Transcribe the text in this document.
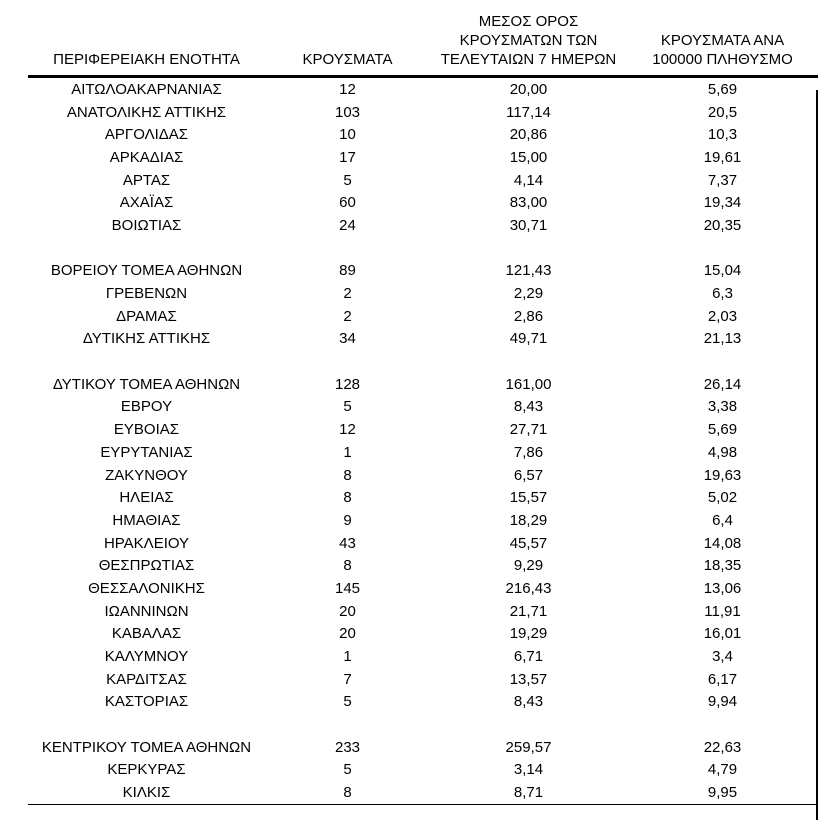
ΠΕΡΙΦΕΡΕΙΑΚΗ ΕΝΟΤΗΤΑ	ΚΡΟΥΣΜΑΤΑ	ΜΕΣΟΣ ΟΡΟΣ
ΚΡΟΥΣΜΑΤΩΝ ΤΩΝ
ΤΕΛΕΥΤΑΙΩΝ 7 ΗΜΕΡΩΝ	ΚΡΟΥΣΜΑΤΑ ΑΝΑ
100000 ΠΛΗΘΥΣΜΟ
ΑΙΤΩΛΟΑΚΑΡΝΑΝΙΑΣ	12	20,00	5,69
ΑΝΑΤΟΛΙΚΗΣ ΑΤΤΙΚΗΣ	103	117,14	20,5
ΑΡΓΟΛΙΔΑΣ	10	20,86	10,3
ΑΡΚΑΔΙΑΣ	17	15,00	19,61
ΑΡΤΑΣ	5	4,14	7,37
ΑΧΑΪΑΣ	60	83,00	19,34
ΒΟΙΩΤΙΑΣ	24	30,71	20,35

ΒΟΡΕΙΟΥ ΤΟΜΕΑ ΑΘΗΝΩΝ	89	121,43	15,04
ΓΡΕΒΕΝΩΝ	2	2,29	6,3
ΔΡΑΜΑΣ	2	2,86	2,03
ΔΥΤΙΚΗΣ ΑΤΤΙΚΗΣ	34	49,71	21,13

ΔΥΤΙΚΟΥ ΤΟΜΕΑ ΑΘΗΝΩΝ	128	161,00	26,14
ΕΒΡΟΥ	5	8,43	3,38
ΕΥΒΟΙΑΣ	12	27,71	5,69
ΕΥΡΥΤΑΝΙΑΣ	1	7,86	4,98
ΖΑΚΥΝΘΟΥ	8	6,57	19,63
ΗΛΕΙΑΣ	8	15,57	5,02
ΗΜΑΘΙΑΣ	9	18,29	6,4
ΗΡΑΚΛΕΙΟΥ	43	45,57	14,08
ΘΕΣΠΡΩΤΙΑΣ	8	9,29	18,35
ΘΕΣΣΑΛΟΝΙΚΗΣ	145	216,43	13,06
ΙΩΑΝΝΙΝΩΝ	20	21,71	11,91
ΚΑΒΑΛΑΣ	20	19,29	16,01
ΚΑΛΥΜΝΟΥ	1	6,71	3,4
ΚΑΡΔΙΤΣΑΣ	7	13,57	6,17
ΚΑΣΤΟΡΙΑΣ	5	8,43	9,94

ΚΕΝΤΡΙΚΟΥ ΤΟΜΕΑ ΑΘΗΝΩΝ	233	259,57	22,63
ΚΕΡΚΥΡΑΣ	5	3,14	4,79
ΚΙΛΚΙΣ	8	8,71	9,95
